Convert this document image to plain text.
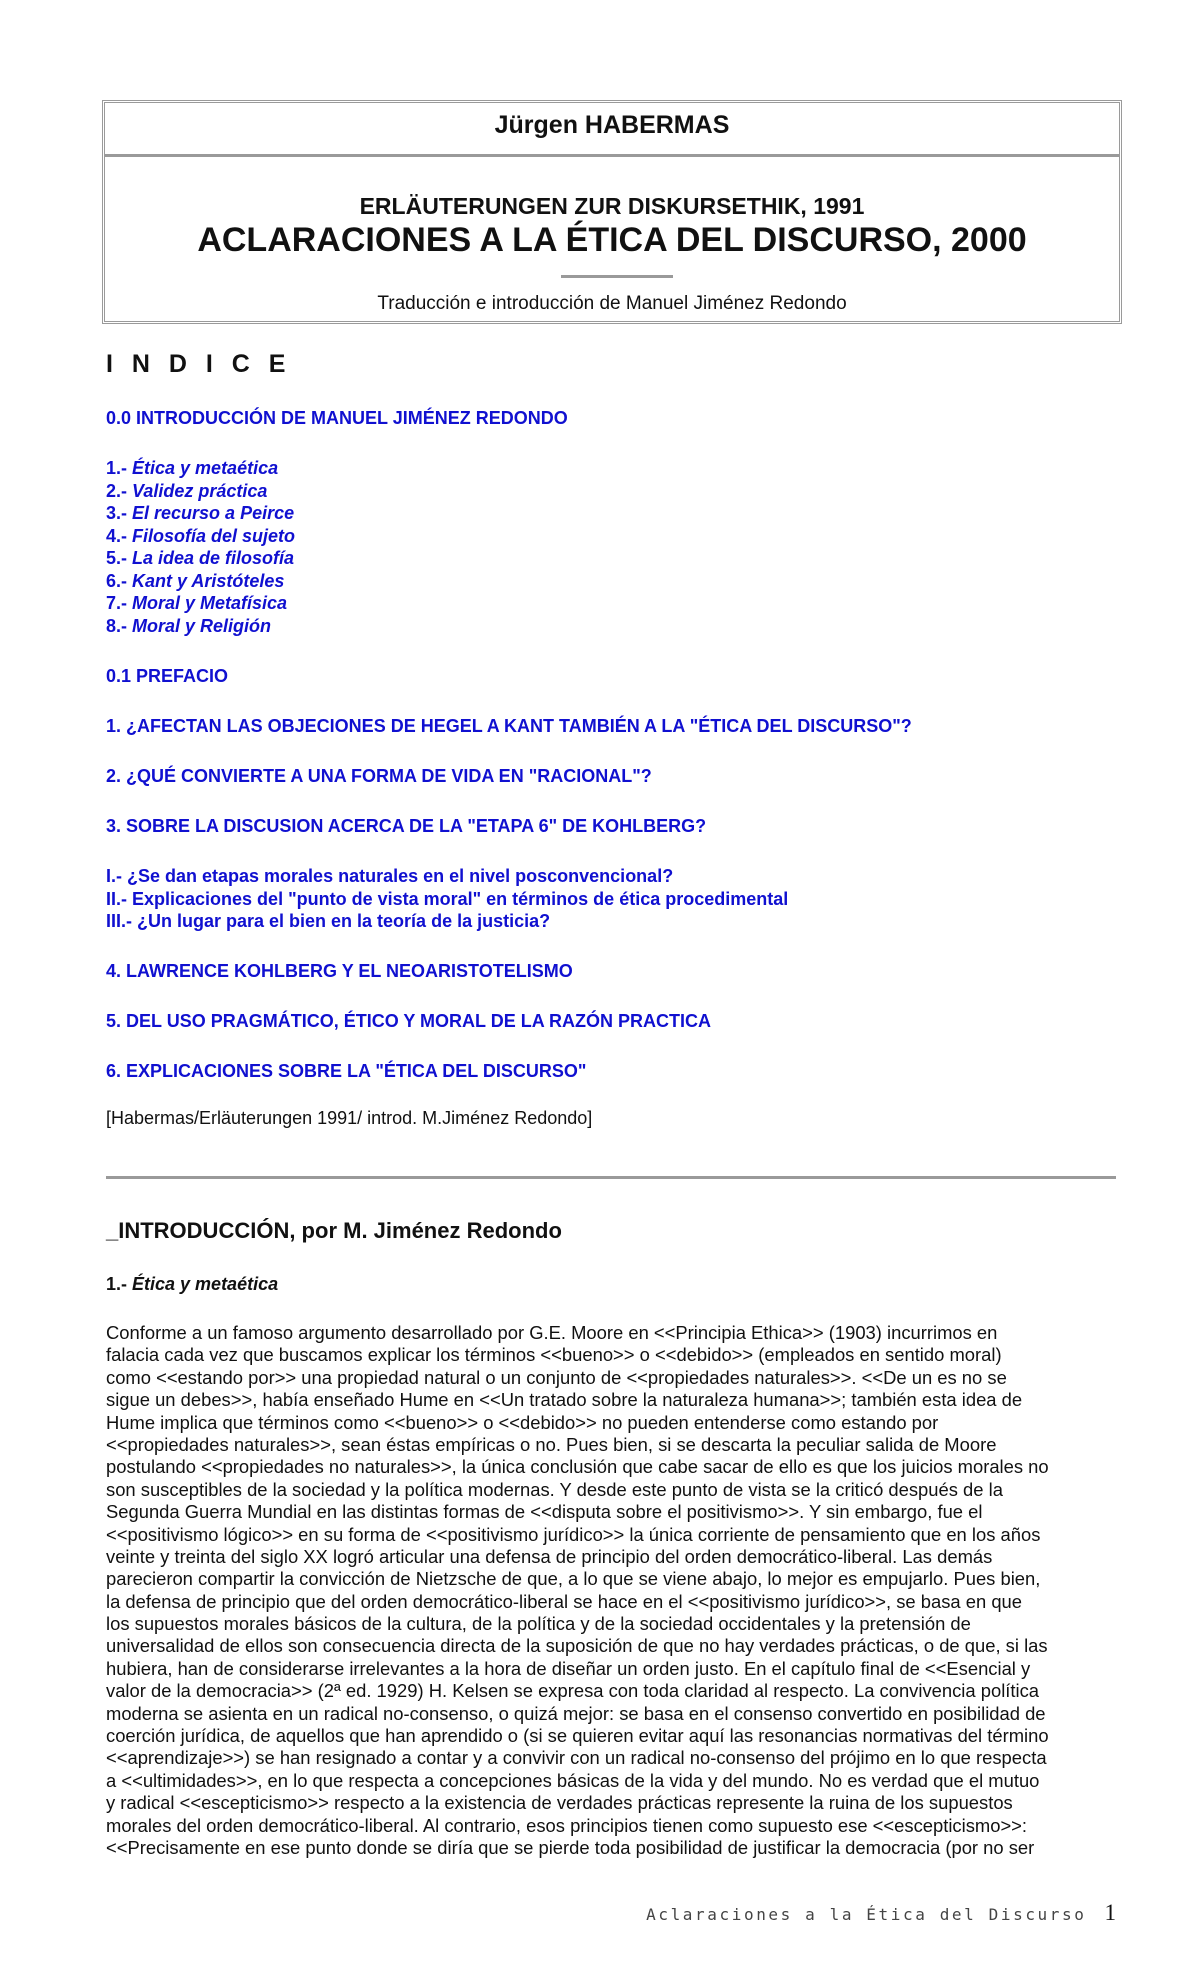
Jürgen HABERMAS
ERLÄUTERUNGEN ZUR DISKURSETHIK, 1991
ACLARACIONES A LA ÉTICA DEL DISCURSO, 2000
Traducción e introducción de Manuel Jiménez Redondo
I N D I C E
0.0 INTRODUCCIÓN DE MANUEL JIMÉNEZ REDONDO
1.- Ética y metaética
2.- Validez práctica
3.- El recurso a Peirce
4.- Filosofía del sujeto
5.- La idea de filosofía
6.- Kant y Aristóteles
7.- Moral y Metafísica
8.- Moral y Religión
0.1 PREFACIO
1. ¿AFECTAN LAS OBJECIONES DE HEGEL A KANT TAMBIÉN A LA "ÉTICA DEL DISCURSO"?
2. ¿QUÉ CONVIERTE A UNA FORMA DE VIDA EN "RACIONAL"?
3. SOBRE LA DISCUSION ACERCA DE LA "ETAPA 6" DE KOHLBERG?
I.- ¿Se dan etapas morales naturales en el nivel posconvencional?
II.- Explicaciones del "punto de vista moral" en términos de ética procedimental
III.- ¿Un lugar para el bien en la teoría de la justicia?
4. LAWRENCE KOHLBERG Y EL NEOARISTOTELISMO
5. DEL USO PRAGMÁTICO, ÉTICO Y MORAL DE LA RAZÓN PRACTICA
6. EXPLICACIONES SOBRE LA "ÉTICA DEL DISCURSO"
[Habermas/Erläuterungen 1991/ introd. M.Jiménez Redondo]
_INTRODUCCIÓN, por M. Jiménez Redondo
1.- Ética y metaética
Conforme a un famoso argumento desarrollado por G.E. Moore en <<Principia Ethica>> (1903) incurrimos en
falacia cada vez que buscamos explicar los términos <<bueno>> o <<debido>> (empleados en sentido moral)
como <<estando por>> una propiedad natural o un conjunto de <<propiedades naturales>>. <<De un es no se
sigue un debes>>, había enseñado Hume en <<Un tratado sobre la naturaleza humana>>; también esta idea de
Hume implica que términos como <<bueno>> o <<debido>> no pueden entenderse como estando por
<<propiedades naturales>>, sean éstas empíricas o no. Pues bien, si se descarta la peculiar salida de Moore
postulando <<propiedades no naturales>>, la única conclusión que cabe sacar de ello es que los juicios morales no
son susceptibles de la sociedad y la política modernas. Y desde este punto de vista se la criticó después de la
Segunda Guerra Mundial en las distintas formas de <<disputa sobre el positivismo>>. Y sin embargo, fue el
<<positivismo lógico>> en su forma de <<positivismo jurídico>> la única corriente de pensamiento que en los años
veinte y treinta del siglo XX logró articular una defensa de principio del orden democrático-liberal. Las demás
parecieron compartir la convicción de Nietzsche de que, a lo que se viene abajo, lo mejor es empujarlo. Pues bien,
la defensa de principio que del orden democrático-liberal se hace en el <<positivismo jurídico>>, se basa en que
los supuestos morales básicos de la cultura, de la política y de la sociedad occidentales y la pretensión de
universalidad de ellos son consecuencia directa de la suposición de que no hay verdades prácticas, o de que, si las
hubiera, han de considerarse irrelevantes a la hora de diseñar un orden justo. En el capítulo final de <<Esencial y
valor de la democracia>> (2ª ed. 1929) H. Kelsen se expresa con toda claridad al respecto. La convivencia política
moderna se asienta en un radical no-consenso, o quizá mejor: se basa en el consenso convertido en posibilidad de
coerción jurídica, de aquellos que han aprendido o (si se quieren evitar aquí las resonancias normativas del término
<<aprendizaje>>) se han resignado a contar y a convivir con un radical no-consenso del prójimo en lo que respecta
a <<ultimidades>>, en lo que respecta a concepciones básicas de la vida y del mundo. No es verdad que el mutuo
y radical <<escepticismo>> respecto a la existencia de verdades prácticas represente la ruina de los supuestos
morales del orden democrático-liberal. Al contrario, esos principios tienen como supuesto ese <<escepticismo>>:
<<Precisamente en ese punto donde se diría que se pierde toda posibilidad de justificar la democracia (por no ser
Aclaraciones a la Ética del Discurso 1
